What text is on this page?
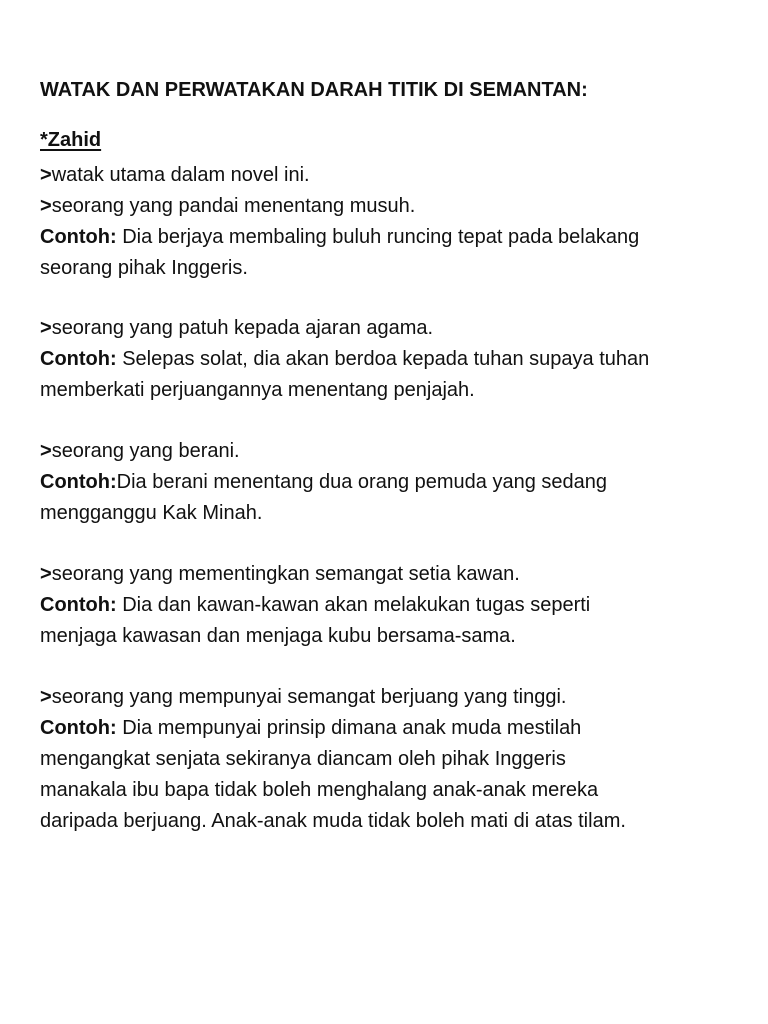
WATAK DAN PERWATAKAN DARAH TITIK DI SEMANTAN:
*Zahid

>watak utama dalam novel ini.

>seorang yang pandai menentang musuh.

Contoh: Dia berjaya membaling buluh runcing tepat pada belakang

seorang pihak Inggeris.

>seorang yang patuh kepada ajaran agama.

Contoh: Selepas solat, dia akan berdoa kepada tuhan supaya tuhan

memberkati perjuangannya menentang penjajah.

>seorang yang berani.

Contoh:Dia berani menentang dua orang pemuda yang sedang

mengganggu Kak Minah.

>seorang yang mementingkan semangat setia kawan.

Contoh: Dia dan kawan-kawan akan melakukan tugas seperti

menjaga kawasan dan menjaga kubu bersama-sama.

>seorang yang mempunyai semangat berjuang yang tinggi.

Contoh: Dia mempunyai prinsip dimana anak muda mestilah

mengangkat senjata sekiranya diancam oleh pihak Inggeris

manakala ibu bapa tidak boleh menghalang anak-anak mereka

daripada berjuang. Anak-anak muda tidak boleh mati di atas tilam.
